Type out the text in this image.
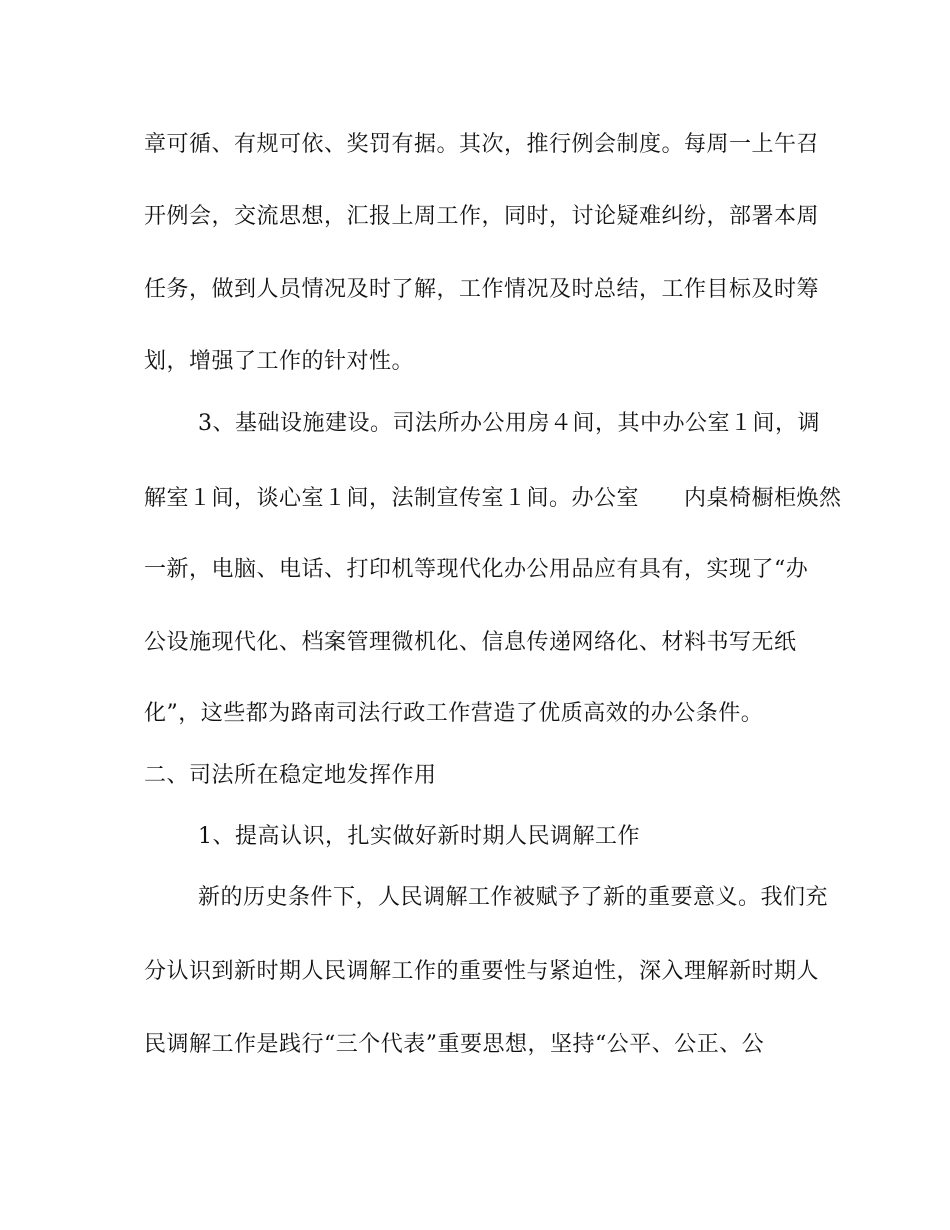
章可循、有规可依、奖罚有据。其次，推行例会制度。每周一上午召
开例会，交流思想，汇报上周工作，同时，讨论疑难纠纷，部署本周
任务，做到人员情况及时了解，工作情况及时总结，工作目标及时筹
划，增强了工作的针对性。
3、基础设施建设。司法所办公用房４间，其中办公室１间，调
解室１间，谈心室１间，法制宣传室１间。办公室　　内桌椅橱柜焕然
一新，电脑、电话、打印机等现代化办公用品应有具有，实现了“办
公设施现代化、档案管理微机化、信息传递网络化、材料书写无纸
化”，这些都为路南司法行政工作营造了优质高效的办公条件。
二、司法所在稳定地发挥作用
1、提高认识，扎实做好新时期人民调解工作
新的历史条件下，人民调解工作被赋予了新的重要意义。我们充
分认识到新时期人民调解工作的重要性与紧迫性，深入理解新时期人
民调解工作是践行“三个代表”重要思想，坚持“公平、公正、公
